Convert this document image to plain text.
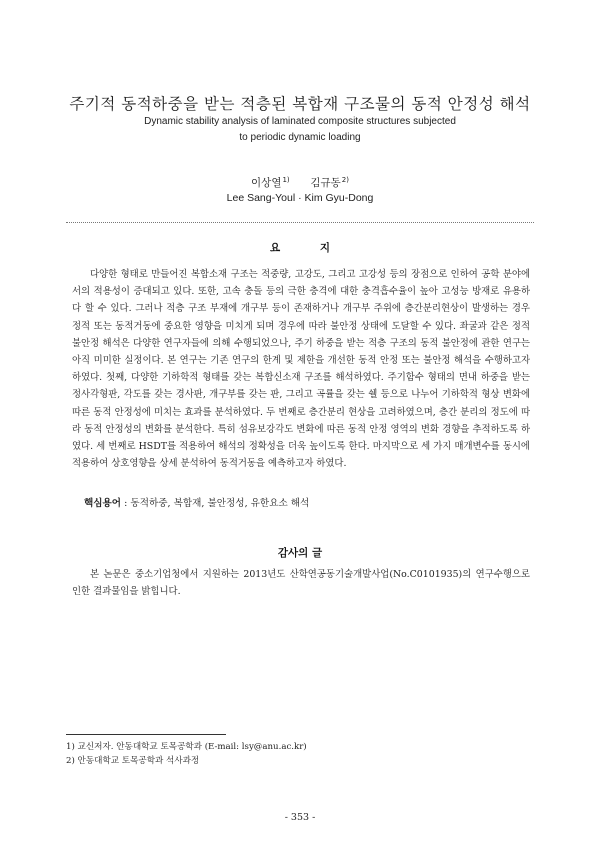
주기적 동적하중을 받는 적층된 복합재 구조물의 동적 안정성 해석
Dynamic stability analysis of laminated composite structures subjected
to periodic dynamic loading
이상열$^{1)}$ 김규동$^{2)}$
Lee Sang-Youl · Kim Gyu-Dong
요 지

다양한 형태로 만들어진 복합소재 구조는 적중량, 고강도, 그리고 고강성 등의 장점으로 인하여 공학 분야에서의 적용성이 증대되고 있다. 또한, 고속 충돌 등의 극한 충격에 대한 충격흡수율이 높아 고성능 방재로 유용하다 할 수 있다. 그러나 적층 구조 부재에 개구부 등이 존재하거나 개구부 주위에 층간분리현상이 발생하는 경우 정적 또는 동적거동에 중요한 영향을 미치게 되며 경우에 따라 불안정 상태에 도달할 수 있다. 좌굴과 같은 정적 불안정 해석은 다양한 연구자들에 의해 수행되었으나, 주기 하중을 받는 적층 구조의 동적 불안정에 관한 연구는 아직 미미한 실정이다. 본 연구는 기존 연구의 한계 및 제한을 개선한 동적 안정 또는 불안정 해석을 수행하고자 하였다. 첫째, 다양한 기하학적 형태를 갖는 복합신소재 구조를 해석하였다. 주기함수 형태의 면내 하중을 받는 정사각형판, 각도를 갖는 경사판, 개구부를 갖는 판, 그리고 곡률을 갖는 쉘 등으로 나누어 기하학적 형상 변화에 따른 동적 안정성에 미치는 효과를 분석하였다. 두 번째로 층간분리 현상을 고려하였으며, 층간 분리의 정도에 따라 동적 안정성의 변화를 분석한다. 특히 섬유보강각도 변화에 따른 동적 안정 영역의 변화 경향을 추적하도록 하였다. 세 번째로 HSDT를 적용하여 해석의 정확성을 더욱 높이도록 한다. 마지막으로 세 가지 매개변수를 동시에 적용하여 상호영향을 상세 분석하여 동적거동을 예측하고자 하였다.

핵심용어 : 동적하중, 복합재, 불안정성, 유한요소 해석
감사의 글

본 논문은 중소기업청에서 지원하는 2013년도 산학연공동기술개발사업(No.C0101935)의 연구수행으로 인한 결과물임을 밝힙니다.

1) 교신저자. 안동대학교 토목공학과 (E-mail: lsy@anu.ac.kr)
2) 안동대학교 토목공학과 석사과정
- 353 -
